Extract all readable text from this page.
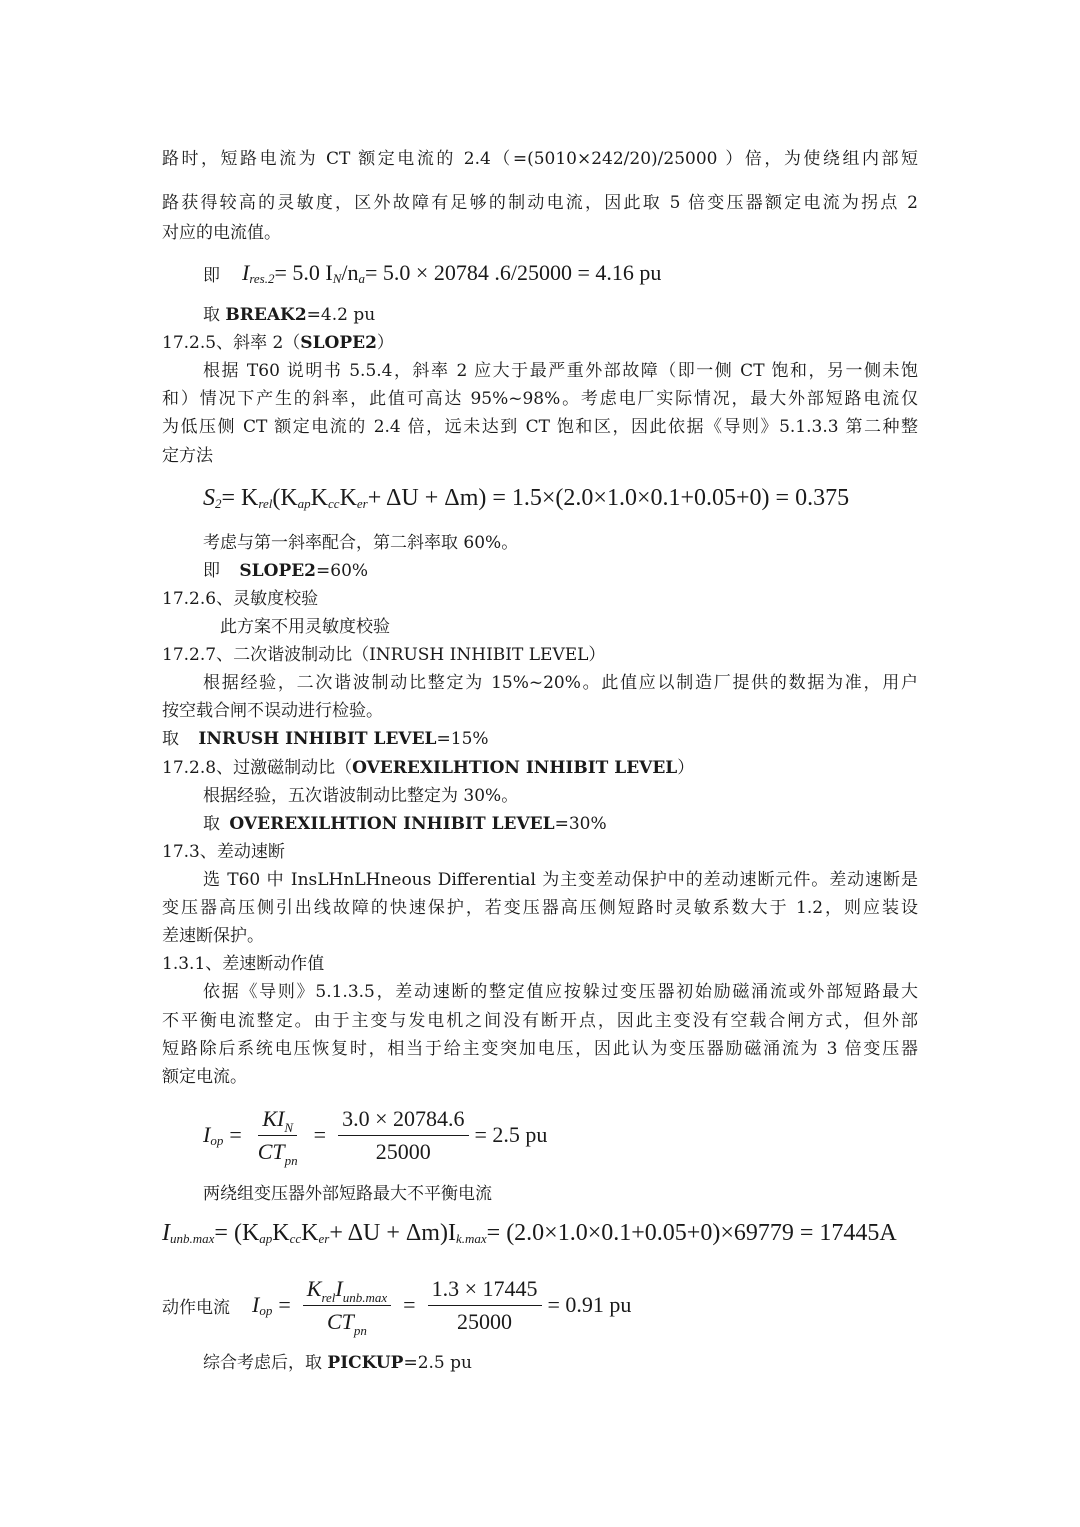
路时，短路电流为 CT 额定电流的 2.4（=(5010×242/20)/25000 ）倍，为使绕组内部短
路获得较高的灵敏度，区外故障有足够的制动电流，因此取 5 倍变压器额定电流为拐点 2
对应的电流值。
即 I res.2 = 5.0 I N /n a = 5.0 × 20784 .6/25000 = 4.16 pu
取 BREAK2=4.2 pu
17.2.5、斜率 2（SLOPE2）
根据 T60 说明书 5.5.4，斜率 2 应大于最严重外部故障（即一侧 CT 饱和，另一侧未饱
和）情况下产生的斜率，此值可高达 95%~98%。考虑电厂实际情况，最大外部短路电流仅
为低压侧 CT 额定电流的 2.4 倍，远未达到 CT 饱和区，因此依据《导则》5.1.3.3 第二种整
定方法
S 2 = K rel (K ap K cc K er + ΔU + Δm) = 1.5×(2.0×1.0×0.1+0.05+0) = 0.375
考虑与第一斜率配合，第二斜率取 60%。
即 SLOPE2=60%
17.2.6、灵敏度校验
此方案不用灵敏度校验
17.2.7、二次谐波制动比（INRUSH INHIBIT LEVEL）
根据经验，二次谐波制动比整定为 15%~20%。此值应以制造厂提供的数据为准，用户
按空载合闸不误动进行检验。
取 INRUSH INHIBIT LEVEL=15%
17.2.8、过激磁制动比（OVEREXILHTION INHIBIT LEVEL）
根据经验，五次谐波制动比整定为 30%。
取 OVEREXILHTION INHIBIT LEVEL=30%
17.3、差动速断
选 T60 中 InsLHnLHneous Differential 为主变差动保护中的差动速断元件。差动速断是
变压器高压侧引出线故障的快速保护，若变压器高压侧短路时灵敏系数大于 1.2，则应装设
差速断保护。
1.3.1、差速断动作值
依据《导则》5.1.3.5，差动速断的整定值应按躲过变压器初始励磁涌流或外部短路最大
不平衡电流整定。由于主变与发电机之间没有断开点，因此主变没有空载合闸方式，但外部
短路除后系统电压恢复时，相当于给主变突加电压，因此认为变压器励磁涌流为 3 倍变压器
额定电流。
I op = $\frac{KI_N}{CT_{pn}} = \frac{3.0 \times 20784.6}{25000} = 2.5$ pu
两绕组变压器外部短路最大不平衡电流
I unb.max = (K ap K cc K er + ΔU + Δm)I k.max = (2.0×1.0×0.1+0.05+0)×69779 = 17445A
动作电流 I op = $\frac{K_{rel}I_{unb.max}}{CT_{pn}} = \frac{1.3 \times 17445}{25000} = 0.91$ pu
综合考虑后，取 PICKUP=2.5 pu
